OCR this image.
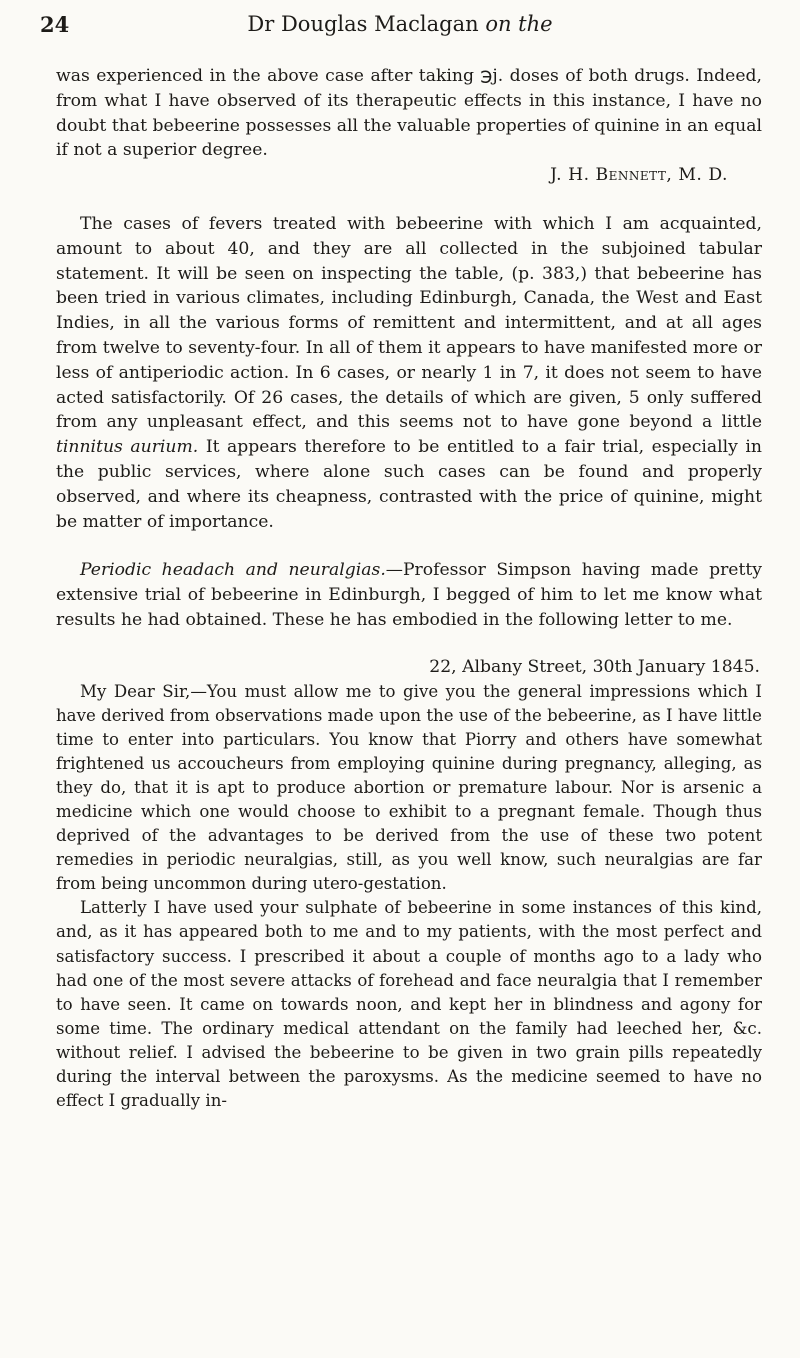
24	Dr Douglas Maclagan on the

was experienced in the above case after taking ℈j. doses of both drugs. Indeed, from what I have observed of its therapeutic effects in this instance, I have no doubt that bebeerine possesses all the valuable properties of quinine in an equal if not a superior degree.

J. H. Bennett, M. D.

The cases of fevers treated with bebeerine with which I am acquainted, amount to about 40, and they are all collected in the subjoined tabular statement. It will be seen on inspecting the table, (p. 383,) that bebeerine has been tried in various climates, including Edinburgh, Canada, the West and East Indies, in all the various forms of remittent and intermittent, and at all ages from twelve to seventy-four. In all of them it appears to have manifested more or less of antiperiodic action. In 6 cases, or nearly 1 in 7, it does not seem to have acted satisfactorily. Of 26 cases, the details of which are given, 5 only suffered from any unpleasant effect, and this seems not to have gone beyond a little tinnitus aurium. It appears therefore to be entitled to a fair trial, especially in the public services, where alone such cases can be found and properly observed, and where its cheapness, contrasted with the price of quinine, might be matter of importance.

Periodic headach and neuralgias.—Professor Simpson having made pretty extensive trial of bebeerine in Edinburgh, I begged of him to let me know what results he had obtained. These he has embodied in the following letter to me.

22, Albany Street, 30th January 1845.

My Dear Sir,—You must allow me to give you the general impressions which I have derived from observations made upon the use of the bebeerine, as I have little time to enter into particulars. You know that Piorry and others have somewhat frightened us accoucheurs from employing quinine during pregnancy, alleging, as they do, that it is apt to produce abortion or premature labour. Nor is arsenic a medicine which one would choose to exhibit to a pregnant female. Though thus deprived of the advantages to be derived from the use of these two potent remedies in periodic neuralgias, still, as you well know, such neuralgias are far from being uncommon during utero-gestation.

Latterly I have used your sulphate of bebeerine in some instances of this kind, and, as it has appeared both to me and to my patients, with the most perfect and satisfactory success. I prescribed it about a couple of months ago to a lady who had one of the most severe attacks of forehead and face neuralgia that I remember to have seen. It came on towards noon, and kept her in blindness and agony for some time. The ordinary medical attendant on the family had leeched her, &c. without relief. I advised the bebeerine to be given in two grain pills repeatedly during the interval between the paroxysms. As the medicine seemed to have no effect I gradually in-
